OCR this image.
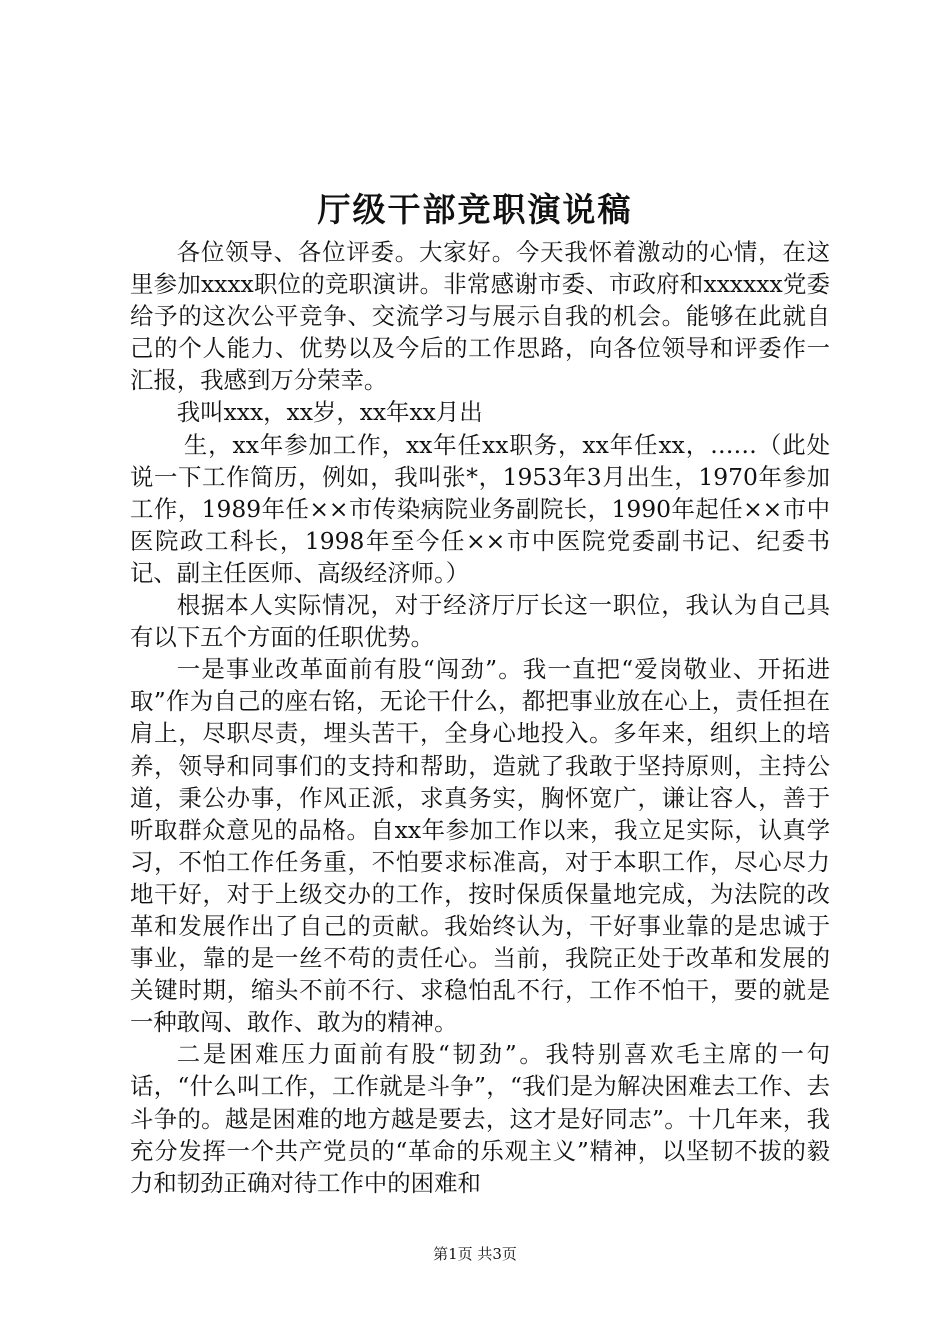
厅级干部竞职演说稿

各位领导、各位评委。大家好。今天我怀着激动的心情，在这里参加xxxx职位的竞职演讲。非常感谢市委、市政府和xxxxxx党委给予的这次公平竞争、交流学习与展示自我的机会。能够在此就自己的个人能力、优势以及今后的工作思路，向各位领导和评委作一汇报，我感到万分荣幸。

我叫xxx，xx岁，xx年xx月出

生，xx年参加工作，xx年任xx职务，xx年任xx，……（此处说一下工作简历，例如，我叫张*，1953年3月出生，1970年参加工作，1989年任××市传染病院业务副院长，1990年起任××市中医院政工科长，1998年至今任××市中医院党委副书记、纪委书记、副主任医师、高级经济师。）

根据本人实际情况，对于经济厅厅长这一职位，我认为自己具有以下五个方面的任职优势。

一是事业改革面前有股“闯劲”。我一直把“爱岗敬业、开拓进取”作为自己的座右铭，无论干什么，都把事业放在心上，责任担在肩上，尽职尽责，埋头苦干，全身心地投入。多年来，组织上的培养，领导和同事们的支持和帮助，造就了我敢于坚持原则，主持公道，秉公办事，作风正派，求真务实，胸怀宽广，谦让容人，善于听取群众意见的品格。自xx年参加工作以来，我立足实际，认真学习，不怕工作任务重，不怕要求标准高，对于本职工作，尽心尽力地干好，对于上级交办的工作，按时保质保量地完成，为法院的改革和发展作出了自己的贡献。我始终认为，干好事业靠的是忠诚于事业，靠的是一丝不苟的责任心。当前，我院正处于改革和发展的关键时期，缩头不前不行、求稳怕乱不行，工作不怕干，要的就是一种敢闯、敢作、敢为的精神。

二是困难压力面前有股“韧劲”。我特别喜欢毛主席的一句话，“什么叫工作，工作就是斗争”，“我们是为解决困难去工作、去斗争的。越是困难的地方越是要去，这才是好同志”。十几年来，我充分发挥一个共产党员的“革命的乐观主义”精神，以坚韧不拔的毅力和韧劲正确对待工作中的困难和

第1页 共3页
